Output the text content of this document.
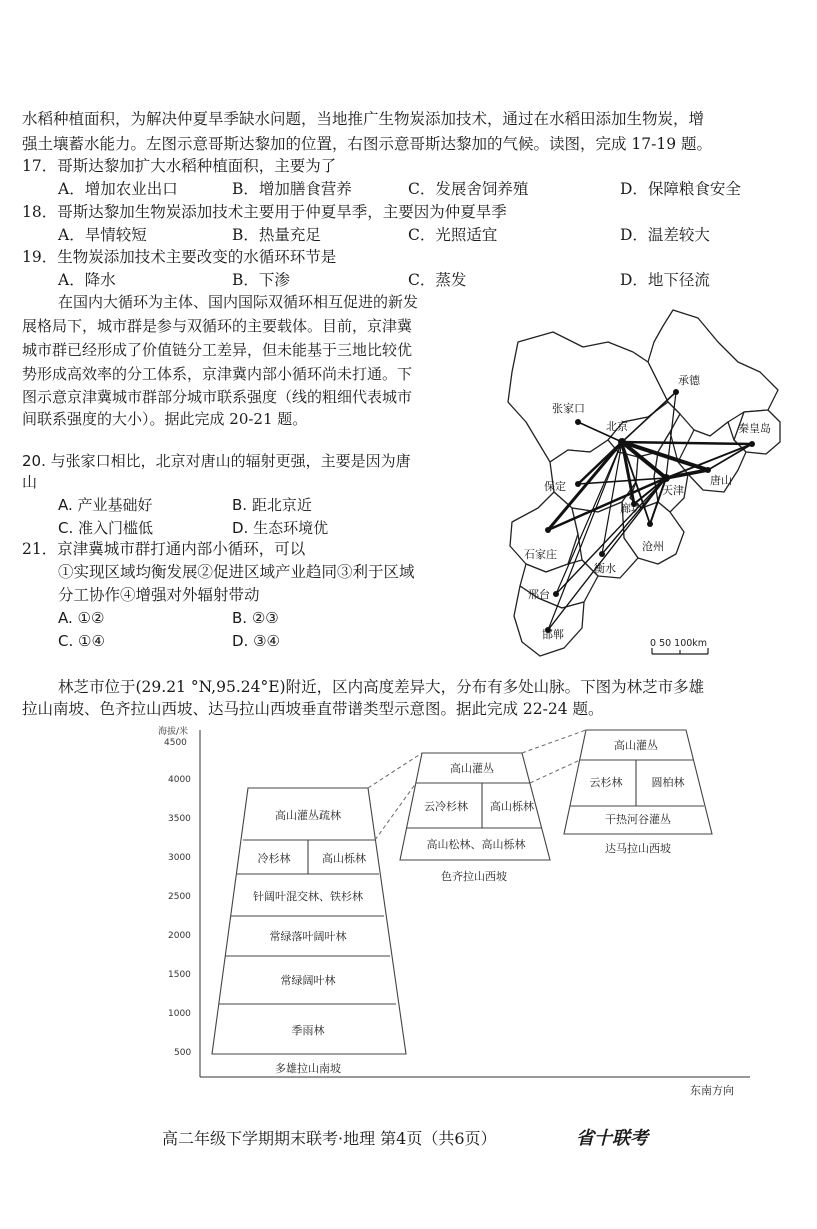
水稻种植面积，为解决仲夏旱季缺水问题，当地推广生物炭添加技术，通过在水稻田添加生物炭，增
强土壤蓄水能力。左图示意哥斯达黎加的位置，右图示意哥斯达黎加的气候。读图，完成 17-19 题。
17．哥斯达黎加扩大水稻种植面积，主要为了
A．增加农业出口	B．增加膳食营养	C．发展舍饲养殖	D．保障粮食安全
18．哥斯达黎加生物炭添加技术主要用于仲夏旱季，主要因为仲夏旱季
A．旱情较短	B．热量充足	C．光照适宜	D．温差较大
19．生物炭添加技术主要改变的水循环环节是
A．降水	B．下渗	C．蒸发	D．地下径流
在国内大循环为主体、国内国际双循环相互促进的新发
展格局下，城市群是参与双循环的主要载体。目前，京津冀
城市群已经形成了价值链分工差异，但未能基于三地比较优
势形成高效率的分工体系，京津冀内部小循环尚未打通。下
图示意京津冀城市群部分城市联系强度（线的粗细代表城市
间联系强度的大小）。据此完成 20-21 题。
20. 与张家口相比，北京对唐山的辐射更强，主要是因为唐
山
A. 产业基础好	B. 距北京近
C. 准入门槛低	D. 生态环境优
21．京津冀城市群打通内部小循环，可以
①实现区域均衡发展②促进区域产业趋同③利于区域
分工协作④增强对外辐射带动
A. ①②	B. ②③
C. ①④	D. ③④
承德
张家口
北京	秦皇岛
保定	天津
唐山
廊坊
石家庄
沧州
衡水
邢台
邯郸
0 50 100km
林芝市位于(29.21 °N,95.24°E)附近，区内高度差异大，分布有多处山脉。下图为林芝市多雄
拉山南坡、色齐拉山西坡、达马拉山西坡垂直带谱类型示意图。据此完成 22-24 题。
海拔/米
4500
4000
3500
3000
2500
2000
1500
1000
500
东南方向
高山灌丛疏林
冷杉林	高山栎林
针阔叶混交林、铁杉林
常绿落叶阔叶林
常绿阔叶林
季雨林
多雄拉山南坡
高山灌丛
云冷杉林 高山栎林
高山松林、高山栎林
色齐拉山西坡
高山灌丛
云杉林	圆柏林
干热河谷灌丛
达马拉山西坡
高二年级下学期期末联考·地理 第4页（共6页）	省十联考
